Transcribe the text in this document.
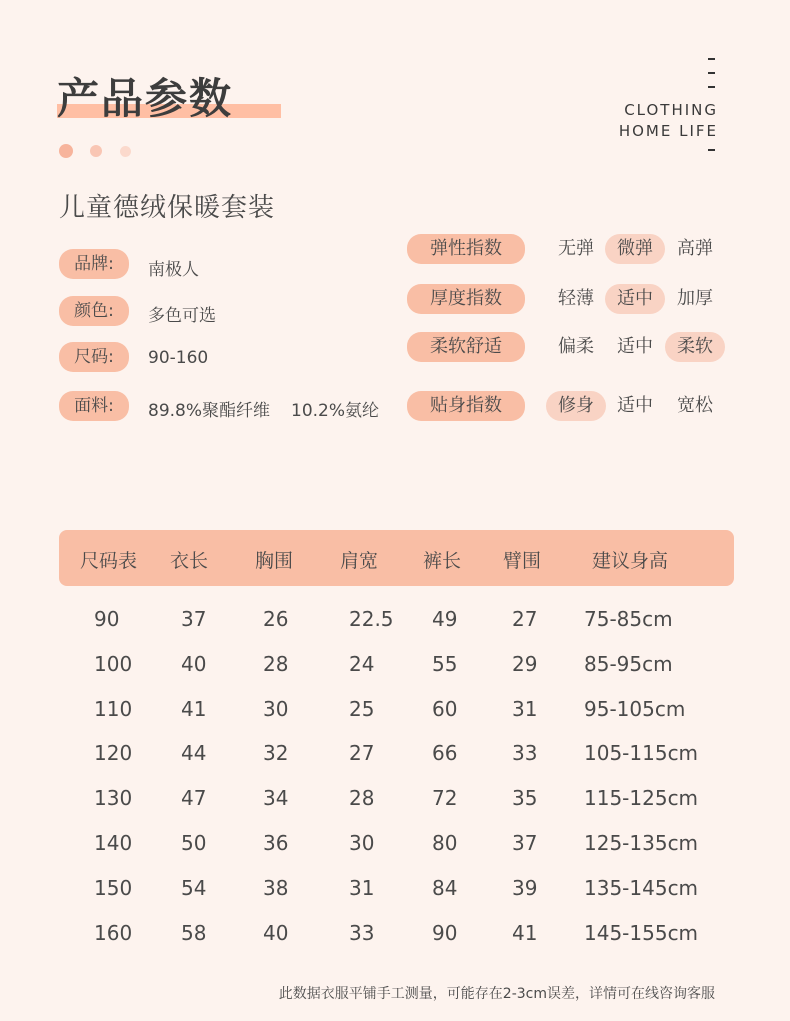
产品参数	CLOTHING
HOME LIFE
儿童德绒保暖套装
品牌:	南极人
颜色:	多色可选
尺码:	90-160
面料:	89.8%聚酯纤维 10.2%氨纶
弹性指数	无弹	微弹	高弹
厚度指数	轻薄	适中	加厚
柔软舒适	偏柔	适中	柔软
贴身指数	修身	适中	宽松
尺码表 衣长 胸围 肩宽 裤长 臂围	建议身高
90	37	26	22.5 49	27 75-85cm
100 40	28	24	55	29 85-95cm
110 41	30	25	60	31 95-105cm
120 44	32	27	66	33 105-115cm
130 47	34	28	72	35 115-125cm
140 50	36	30	80	37 125-135cm
150 54	38	31	84	39 135-145cm
160 58	40	33	90	41 145-155cm
此数据衣服平铺手工测量，可能存在2-3cm误差，详情可在线咨询客服
